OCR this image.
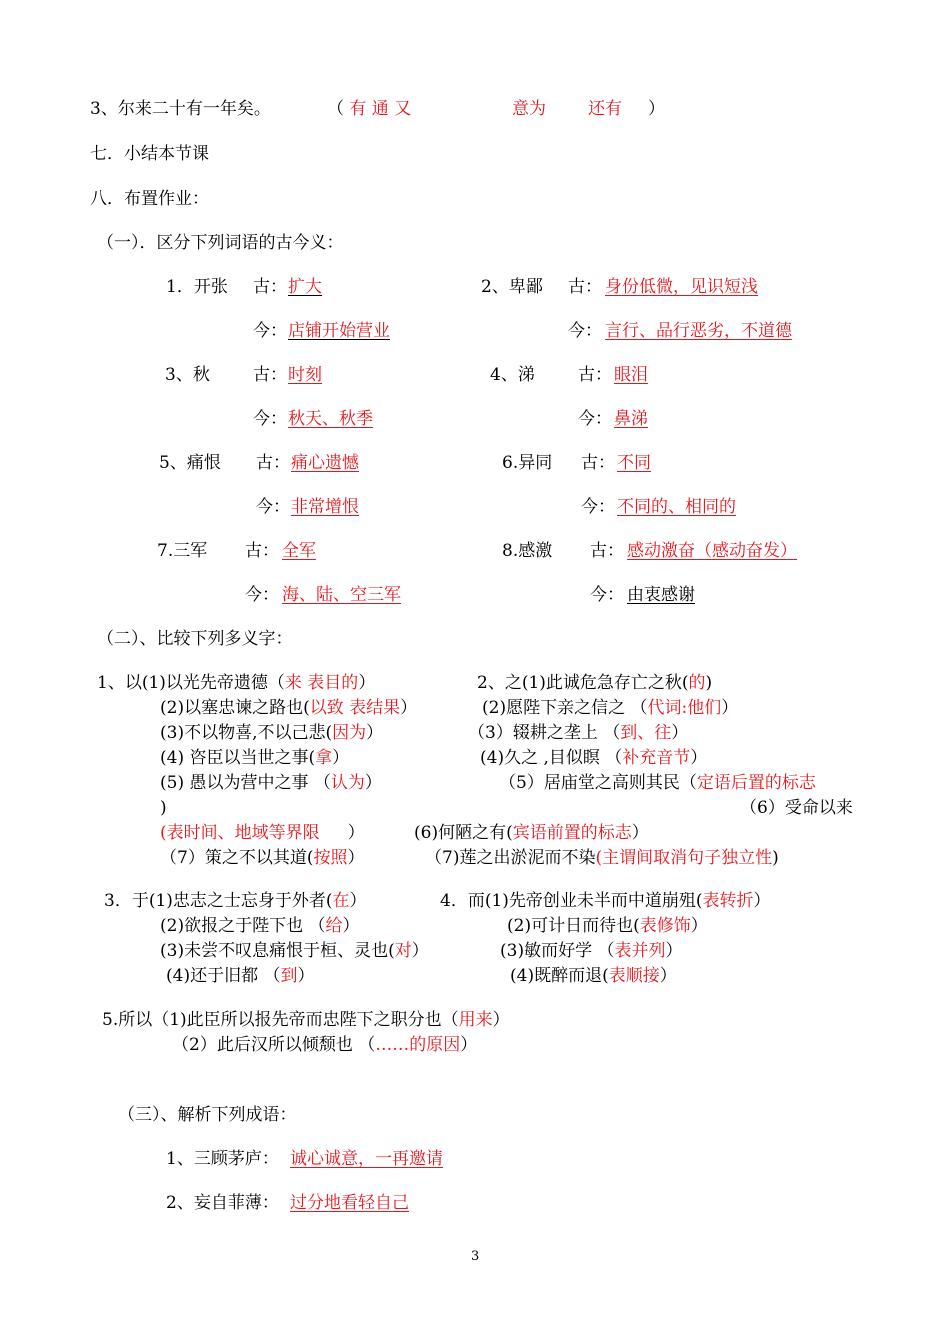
3、尔来二十有一年矣。	（ 有 通 又	意为 还有 ）
七．小结本节课
八．布置作业：
（一）．区分下列词语的古今义：
1．开张 古： 扩大	2、卑鄙 古： 身份低微，见识短浅
今： 店铺开始营业	今： 言行、品行恶劣，不道德
3、秋	古： 时刻	4、涕	古： 眼泪
今： 秋天、秋季	今： 鼻涕
5、痛恨 古： 痛心遗憾	6.异同 古： 不同
今： 非常增恨	今： 不同的、相同的
7.三军 古： 全军	8.感激 古： 感动激奋（感动奋发）
今： 海、陆、空三军	今： 由衷感谢
（二）、比较下列多义字：
1、以(1)以光先帝遗德（来 表目的）	2、之(1)此诚危急存亡之秋(的)
(2)以塞忠谏之路也(以致 表结果）	(2)愿陛下亲之信之 （代词:他们）
(3)不以物喜,不以己悲(因为）	（3）辍耕之垄上 （到、往）
(4) 咨臣以当世之事(拿）	(4)久之 ,目似瞑 （补充音节）
(5) 愚以为营中之事 （认为）	（5）居庙堂之高则其民（定语后置的标志
)	（6）受命以来
(表时间、地域等界限 ）	(6)何陋之有(宾语前置的标志）
（7）策之不以其道(按照）	（7)莲之出淤泥而不染(主谓间取消句子独立性)
3．于(1)忠志之士忘身于外者(在）	4．而(1)先帝创业未半而中道崩殂(表转折）
(2)欲报之于陛下也 （给）	(2)可计日而待也(表修饰）
(3)未尝不叹息痛恨于桓、灵也(对）	(3)敏而好学 （表并列）
(4)还于旧都 （到）	(4)既醉而退(表顺接）
5.所以（1)此臣所以报先帝而忠陛下之职分也（用来）
（2）此后汉所以倾颓也 （……的原因）
（三）、解析下列成语：
1、三顾茅庐： 诚心诚意，一再邀请
2、妄自菲薄： 过分地看轻自己
3
